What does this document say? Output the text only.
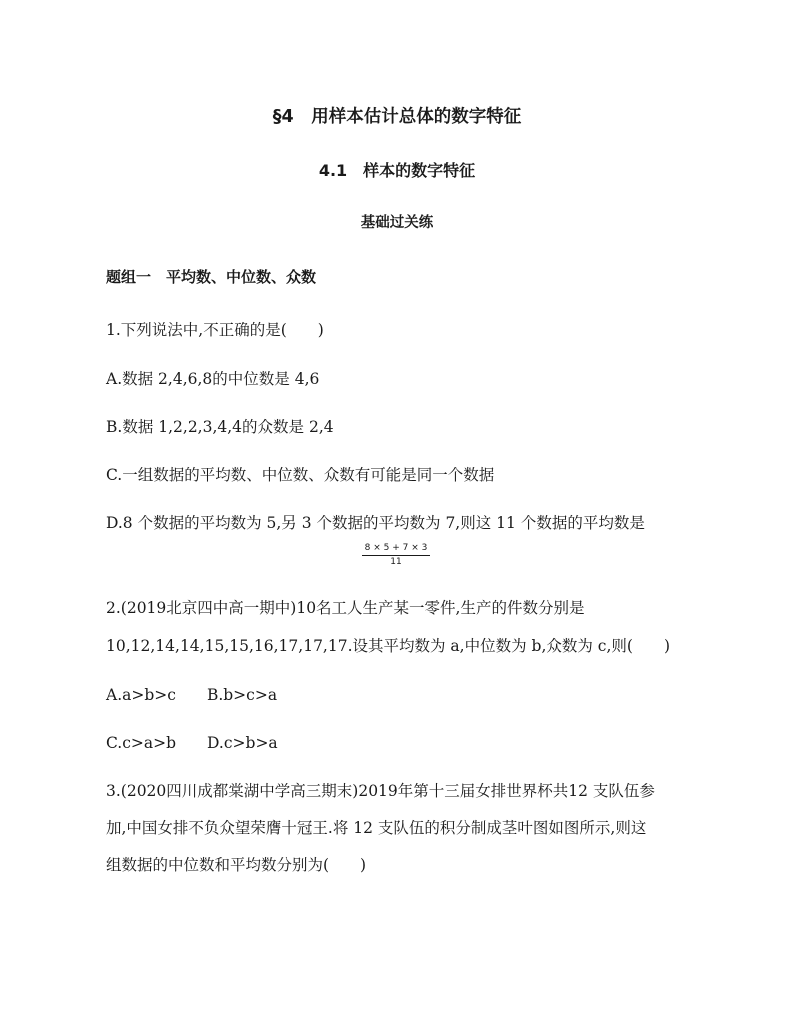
§4　用样本估计总体的数字特征
4.1　样本的数字特征
基础过关练
题组一　平均数、中位数、众数
1.下列说法中,不正确的是(　　)
A.数据 2,4,6,8的中位数是 4,6
B.数据 1,2,2,3,4,4的众数是 2,4
C.一组数据的平均数、中位数、众数有可能是同一个数据
D.8 个数据的平均数为 5,另 3 个数据的平均数为 7,则这 11 个数据的平均数是
$\frac{8 \times 5 + 7 \times 3}{11}$
2.(2019北京四中高一期中)10名工人生产某一零件,生产的件数分别是
10,12,14,14,15,15,16,17,17,17.设其平均数为 a,中位数为 b,众数为 c,则(　　)
A.a>b>c　　B.b>c>a
C.c>a>b　　D.c>b>a
3.(2020四川成都棠湖中学高三期末)2019年第十三届女排世界杯共12 支队伍参
加,中国女排不负众望荣膺十冠王.将 12 支队伍的积分制成茎叶图如图所示,则这
组数据的中位数和平均数分别为(　　)
